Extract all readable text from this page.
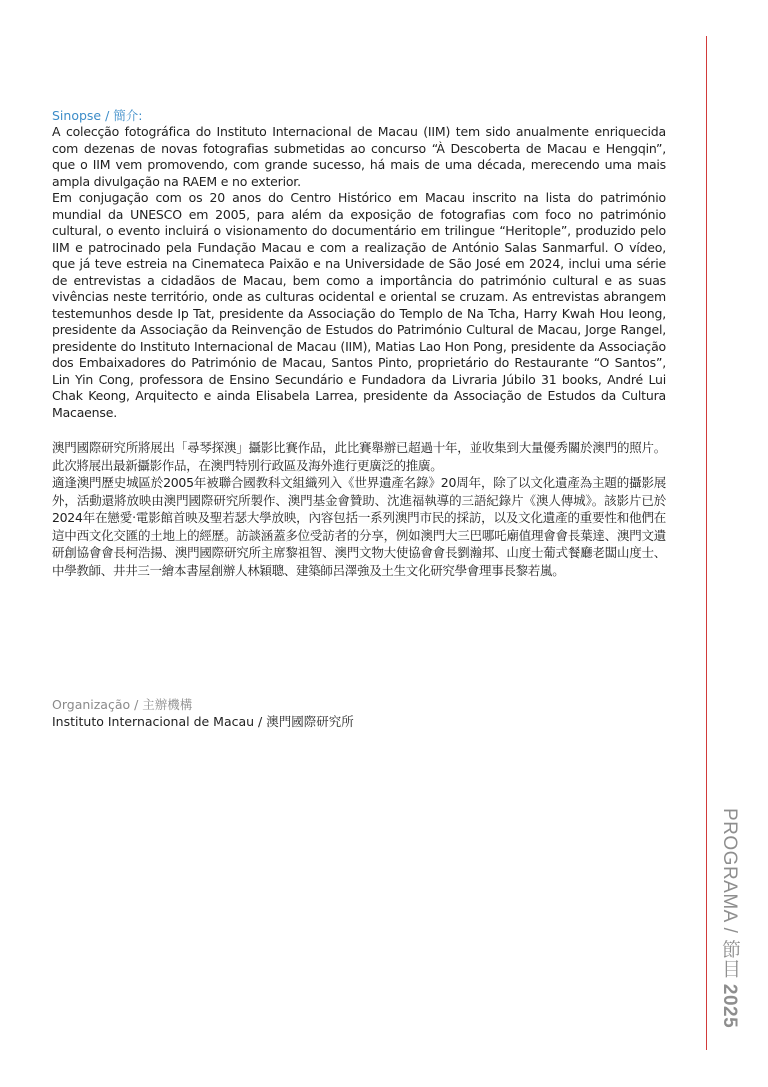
Sinopse / 簡介:

A colecção fotográfica do Instituto Internacional de Macau (IIM) tem sido anualmente enriquecida com dezenas de novas fotografias submetidas ao concurso “À Descoberta de Macau e Hengqin”, que o IIM vem promovendo, com grande sucesso, há mais de uma década, merecendo uma mais ampla divulgação na RAEM e no exterior.

Em conjugação com os 20 anos do Centro Histórico em Macau inscrito na lista do património mundial da UNESCO em 2005, para além da exposição de fotografias com foco no património cultural, o evento incluirá o visionamento do documentário em trilingue “Heritople”, produzido pelo IIM e patrocinado pela Fundação Macau e com a realização de António Salas Sanmarful. O vídeo, que já teve estreia na Cinemateca Paixão e na Universidade de São José em 2024, inclui uma série de entrevistas a cidadãos de Macau, bem como a importância do património cultural e as suas vivências neste território, onde as culturas ocidental e oriental se cruzam. As entrevistas abrangem testemunhos desde Ip Tat, presidente da Associação do Templo de Na Tcha, Harry Kwah Hou Ieong, presidente da Associação da Reinvenção de Estudos do Património Cultural de Macau, Jorge Rangel, presidente do Instituto Internacional de Macau (IIM), Matias Lao Hon Pong, presidente da Associação dos Embaixadores do Património de Macau, Santos Pinto, proprietário do Restaurante “O Santos”, Lin Yin Cong, professora de Ensino Secundário e Fundadora da Livraria Júbilo 31 books, André Lui Chak Keong, Arquitecto e ainda Elisabela Larrea, presidente da Associação de Estudos da Cultura Macaense.

澳門國際研究所將展出「尋琴探澳」攝影比賽作品，此比賽舉辦已超過十年，並收集到大量優秀關於澳門的照片。此次將展出最新攝影作品，在澳門特別行政區及海外進行更廣泛的推廣。

適逢澳門歷史城區於2005年被聯合國教科文組織列入《世界遺產名錄》20周年，除了以文化遺產為主題的攝影展外，活動還將放映由澳門國際研究所製作、澳門基金會贊助、沈進福執導的三語紀錄片《澳人傳城》。該影片已於2024年在戀愛‧電影館首映及聖若瑟大學放映，內容包括一系列澳門市民的採訪，以及文化遺產的重要性和他們在這中西文化交匯的土地上的經歷。訪談涵蓋多位受訪者的分享，例如澳門大三巴哪吒廟值理會會長葉達、澳門文遺研創協會會長柯浩揚、澳門國際研究所主席黎祖智、澳門文物大使協會會長劉瀚邦、山度士葡式餐廳老闆山度士、中學教師、井井三一繪本書屋創辦人林穎聰、建築師呂澤強及土生文化研究學會理事長黎若嵐。

Organização / 主辦機構

Instituto Internacional de Macau / 澳門國際研究所

PROGRAMA / 節目 2025
